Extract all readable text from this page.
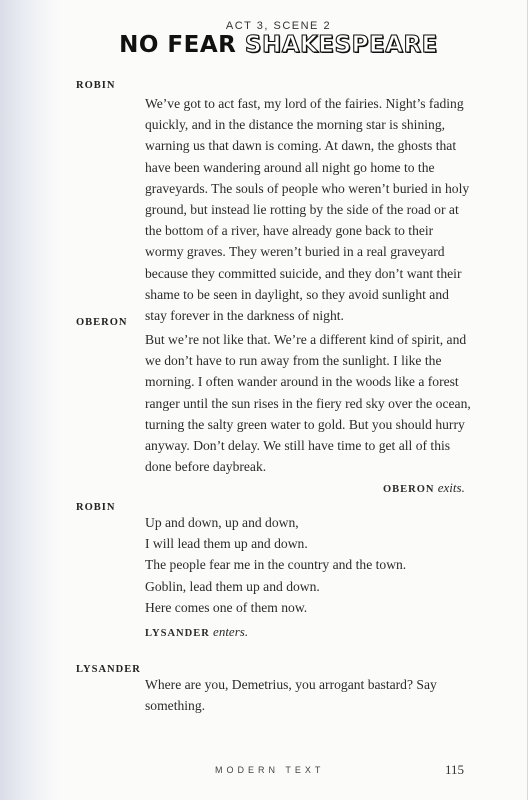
ACT 3, SCENE 2
NO FEAR SHAKESPEARE
ROBIN
We’ve got to act fast, my lord of the fairies. Night’s fading quickly, and in the distance the morning star is shining, warning us that dawn is coming. At dawn, the ghosts that have been wandering around all night go home to the graveyards. The souls of people who weren’t buried in holy ground, but instead lie rotting by the side of the road or at the bottom of a river, have already gone back to their wormy graves. They weren’t buried in a real graveyard because they committed suicide, and they don’t want their shame to be seen in daylight, so they avoid sunlight and stay forever in the darkness of night.
OBERON
But we’re not like that. We’re a different kind of spirit, and we don’t have to run away from the sunlight. I like the morning. I often wander around in the woods like a forest ranger until the sun rises in the fiery red sky over the ocean, turning the salty green water to gold. But you should hurry anyway. Don’t delay. We still have time to get all of this done before daybreak.
OBERON exits.
ROBIN
Up and down, up and down,
I will lead them up and down.
The people fear me in the country and the town.
Goblin, lead them up and down.
Here comes one of them now.
LYSANDER enters.
LYSANDER
Where are you, Demetrius, you arrogant bastard? Say something.
MODERN TEXT	115
